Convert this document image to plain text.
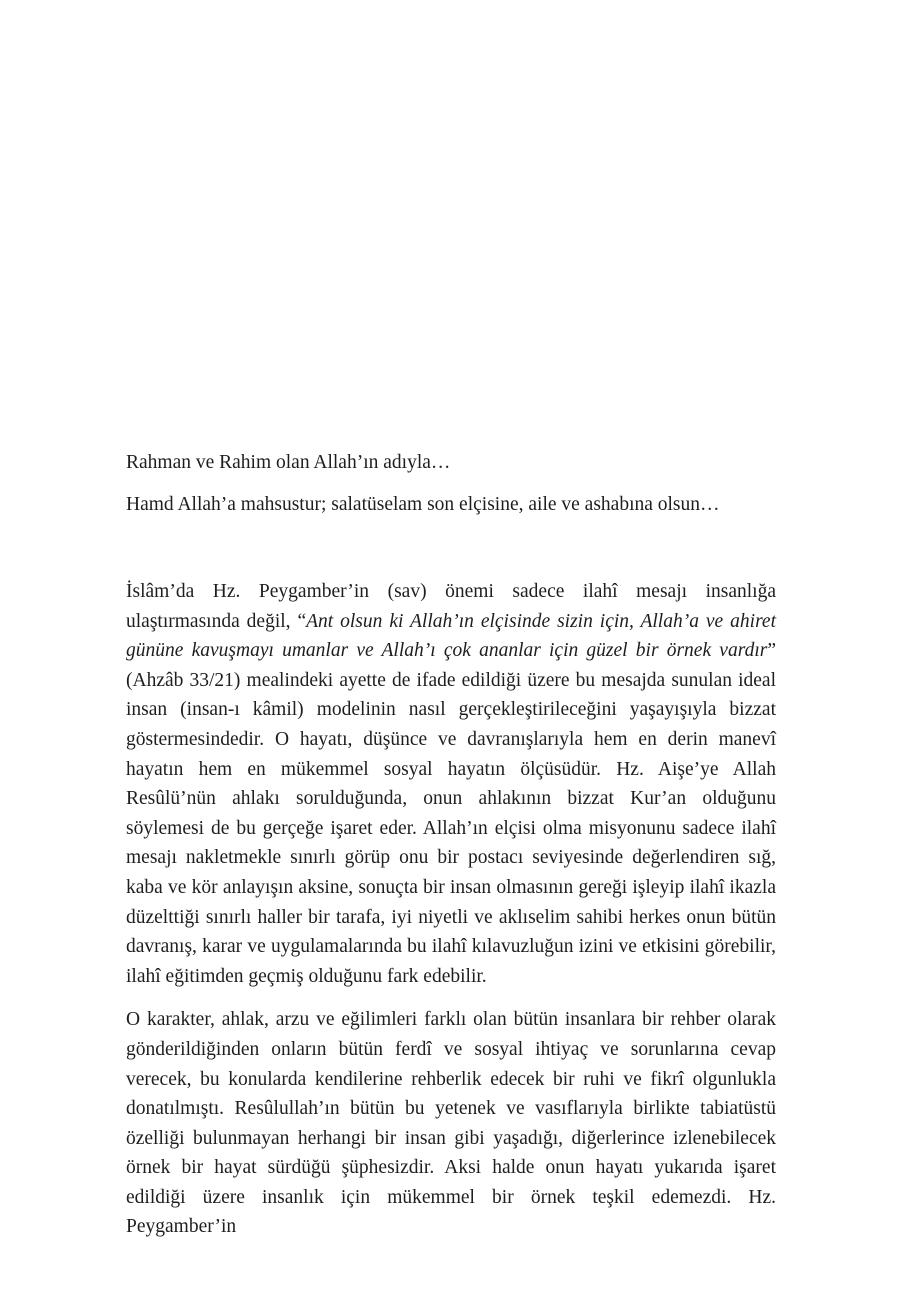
Rahman ve Rahim olan Allah’ın adıyla…

Hamd Allah’a mahsustur; salatüselam son elçisine, aile ve ashabına olsun…

İslâm’da Hz. Peygamber’in (sav) önemi sadece ilahî mesajı insanlığa ulaştırmasında değil, “Ant olsun ki Allah’ın elçisinde sizin için, Allah’a ve ahiret gününe kavuşmayı umanlar ve Allah’ı çok ananlar için güzel bir örnek vardır” (Ahzâb 33/21) mealindeki ayette de ifade edildiği üzere bu mesajda sunulan ideal insan (insan-ı kâmil) modelinin nasıl gerçekleştirileceğini yaşayışıyla bizzat göstermesindedir. O hayatı, düşünce ve davranışlarıyla hem en derin manevî hayatın hem en mükemmel sosyal hayatın ölçüsüdür. Hz. Aişe’ye Allah Resûlü’nün ahlakı sorulduğunda, onun ahlakının bizzat Kur’an olduğunu söylemesi de bu gerçeğe işaret eder. Allah’ın elçisi olma misyonunu sadece ilahî mesajı nakletmekle sınırlı görüp onu bir postacı seviyesinde değerlendiren sığ, kaba ve kör anlayışın aksine, sonuçta bir insan olmasının gereği işleyip ilahî ikazla düzelttiği sınırlı haller bir tarafa, iyi niyetli ve aklıselim sahibi herkes onun bütün davranış, karar ve uygulamalarında bu ilahî kılavuzluğun izini ve etkisini görebilir, ilahî eğitimden geçmiş olduğunu fark edebilir.

O karakter, ahlak, arzu ve eğilimleri farklı olan bütün insanlara bir rehber olarak gönderildiğinden onların bütün ferdî ve sosyal ihtiyaç ve sorunlarına cevap verecek, bu konularda kendilerine rehberlik edecek bir ruhi ve fikrî olgunlukla donatılmıştı. Resûlullah’ın bütün bu yetenek ve vasıflarıyla birlikte tabiatüstü özelliği bulunmayan herhangi bir insan gibi yaşadığı, diğerlerince izlenebilecek örnek bir hayat sürdüğü şüphesizdir. Aksi halde onun hayatı yukarıda işaret edildiği üzere insanlık için mükemmel bir örnek teşkil edemezdi. Hz. Peygamber’in
